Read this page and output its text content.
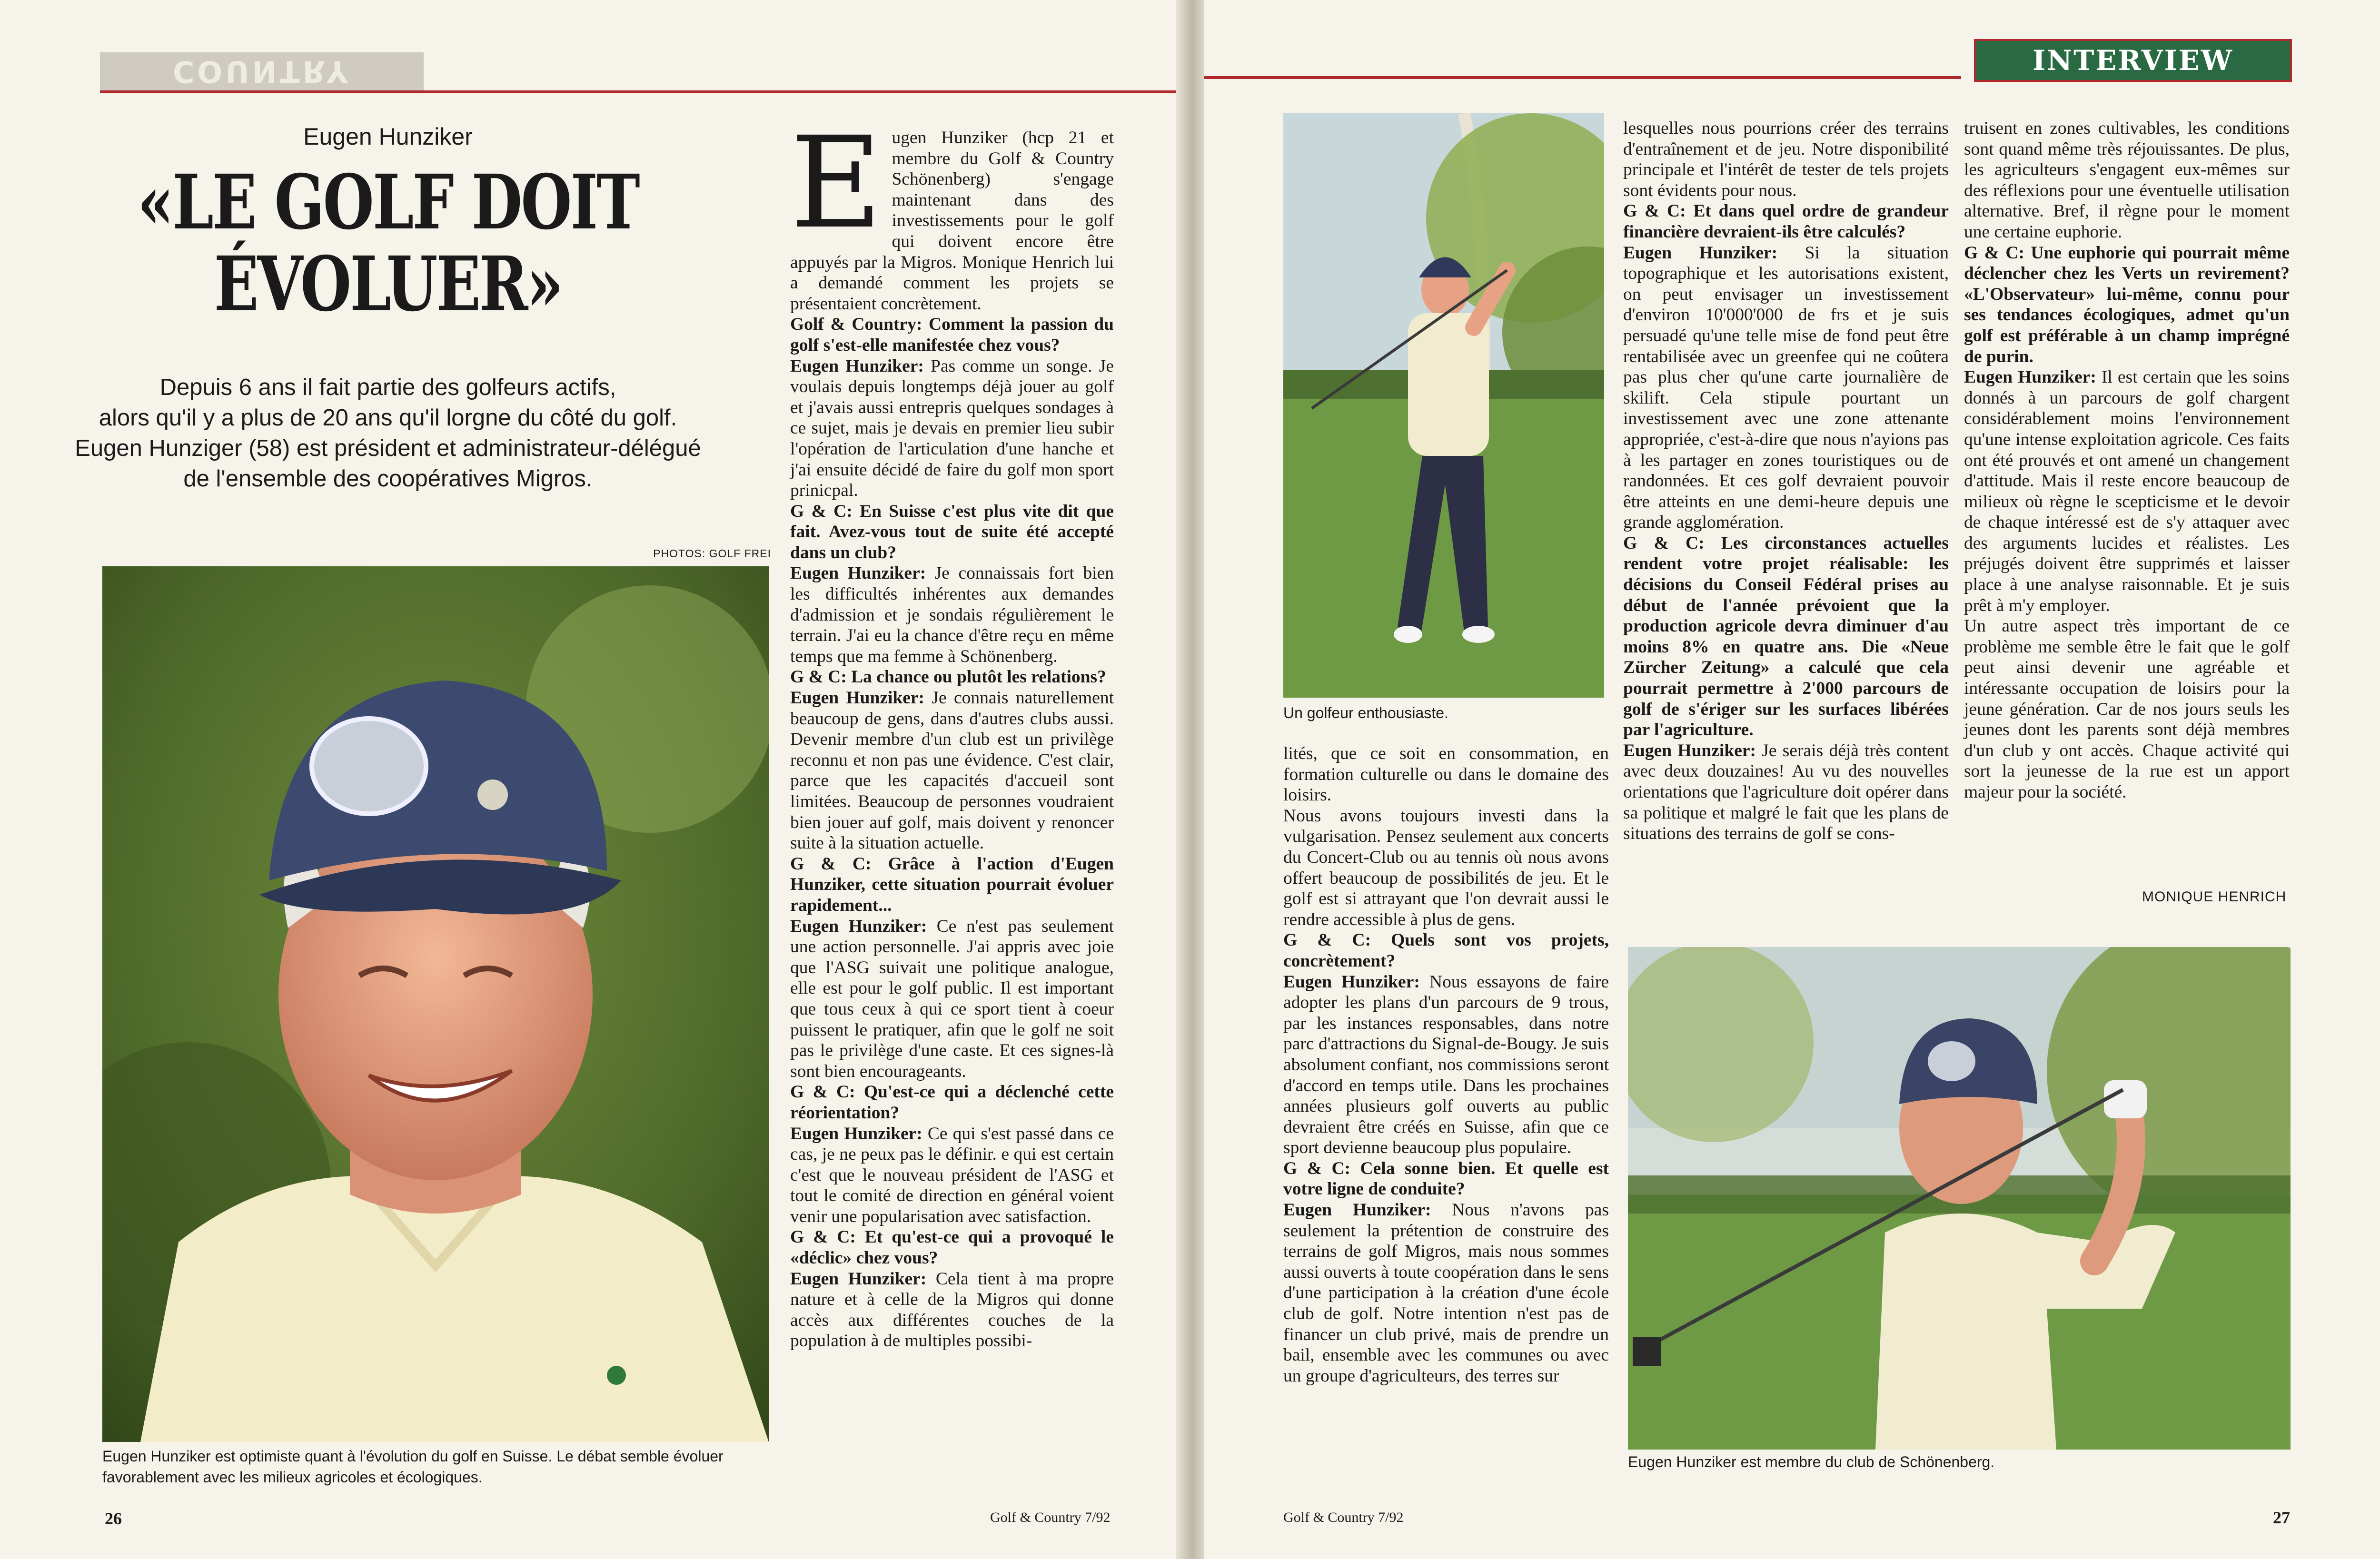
COUNTRY
Eugen Hunziker
«LE GOLF DOIT
ÉVOLUER»
Depuis 6 ans il fait partie des golfeurs actifs,
alors qu'il y a plus de 20 ans qu'il lorgne du côté du golf.
Eugen Hunziger (58) est président et administrateur-délégué
de l'ensemble des coopératives Migros.
PHOTOS: GOLF FREI
Eugen Hunziker est optimiste quant à l'évolution du golf en Suisse. Le débat semble évoluer favorablement avec les milieux agricoles et écologiques.
E ugen Hunziker (hcp 21 et membre du Golf & Country Schönenberg) s'engage maintenant dans des investissements pour le golf qui doivent encore être appuyés par la Migros. Monique Henrich lui a demandé comment les projets se présentaient concrètement.

Golf & Country: Comment la passion du golf s'est-elle manifestée chez vous?

Eugen Hunziker: Pas comme un songe. Je voulais depuis longtemps déjà jouer au golf et j'avais aussi entrepris quelques sondages à ce sujet, mais je devais en premier lieu subir l'opération de l'articulation d'une hanche et j'ai ensuite décidé de faire du golf mon sport prinicpal.

G & C: En Suisse c'est plus vite dit que fait. Avez-vous tout de suite été accepté dans un club?

Eugen Hunziker: Je connaissais fort bien les difficultés inhérentes aux demandes d'admission et je sondais régulièrement le terrain. J'ai eu la chance d'être reçu en même temps que ma femme à Schönenberg.

G & C: La chance ou plutôt les relations?

Eugen Hunziker: Je connais naturellement beaucoup de gens, dans d'autres clubs aussi. Devenir membre d'un club est un privilège reconnu et non pas une évidence. C'est clair, parce que les capacités d'accueil sont limitées. Beaucoup de personnes voudraient bien jouer auf golf, mais doivent y renoncer suite à la situation actuelle.

G & C: Grâce à l'action d'Eugen Hunziker, cette situation pourrait évoluer rapidement...

Eugen Hunziker: Ce n'est pas seulement une action personnelle. J'ai appris avec joie que l'ASG suivait une politique analogue, elle est pour le golf public. Il est important que tous ceux à qui ce sport tient à coeur puissent le pratiquer, afin que le golf ne soit pas le privilège d'une caste. Et ces signes-là sont bien encourageants.

G & C: Qu'est-ce qui a déclenché cette réorientation?

Eugen Hunziker: Ce qui s'est passé dans ce cas, je ne peux pas le définir. e qui est certain c'est que le nouveau président de l'ASG et tout le comité de direction en général voient venir une popularisation avec satisfaction.

G & C: Et qu'est-ce qui a provoqué le «déclic» chez vous?

Eugen Hunziker: Cela tient à ma propre nature et à celle de la Migros qui donne accès aux différentes couches de la population à de multiples possibi-

26	Golf & Country 7/92
INTERVIEW
Un golfeur enthousiaste.

lités, que ce soit en consommation, en formation culturelle ou dans le domaine des loisirs.

Nous avons toujours investi dans la vulgarisation. Pensez seulement aux concerts du Concert-Club ou au tennis où nous avons offert beaucoup de possibilités de jeu. Et le golf est si attrayant que l'on devrait aussi le rendre accessible à plus de gens.

G & C: Quels sont vos projets, concrètement?

Eugen Hunziker: Nous essayons de faire adopter les plans d'un parcours de 9 trous, par les instances responsables, dans notre parc d'attractions du Signal-de-Bougy. Je suis absolument confiant, nos commissions seront d'accord en temps utile. Dans les prochaines années plusieurs golf ouverts au public devraient être créés en Suisse, afin que ce sport devienne beaucoup plus populaire.

G & C: Cela sonne bien. Et quelle est votre ligne de conduite?

Eugen Hunziker: Nous n'avons pas seulement la prétention de construire des terrains de golf Migros, mais nous sommes aussi ouverts à toute coopération dans le sens d'une participation à la création d'une école club de golf. Notre intention n'est pas de financer un club privé, mais de prendre un bail, ensemble avec les communes ou avec un groupe d'agriculteurs, des terres sur

lesquelles nous pourrions créer des terrains d'entraînement et de jeu. Notre disponibilité principale et l'intérêt de tester de tels projets sont évidents pour nous.

G & C: Et dans quel ordre de grandeur financière devraient-ils être calculés?

Eugen Hunziker: Si la situation topographique et les autorisations existent, on peut envisager un investissement d'environ 10'000'000 de frs et je suis persuadé qu'une telle mise de fond peut être rentabilisée avec un greenfee qui ne coûtera pas plus cher qu'une carte journalière de skilift. Cela stipule pourtant un investissement avec une zone attenante appropriée, c'est-à-dire que nous n'ayions pas à les partager en zones touristiques ou de randonnées. Et ces golf devraient pouvoir être atteints en une demi-heure depuis une grande agglomération.

G & C: Les circonstances actuelles rendent votre projet réalisable: les décisions du Conseil Fédéral prises au début de l'année prévoient que la production agricole devra diminuer d'au moins 8% en quatre ans. Die «Neue Zürcher Zeitung» a calculé que cela pourrait permettre à 2'000 parcours de golf de s'ériger sur les surfaces libérées par l'agriculture.

Eugen Hunziker: Je serais déjà très content avec deux douzaines! Au vu des nouvelles orientations que l'agriculture doit opérer dans sa politique et malgré le fait que les plans de situations des terrains de golf se cons-

truisent en zones cultivables, les conditions sont quand même très réjouissantes. De plus, les agriculteurs s'engagent eux-mêmes sur des réflexions pour une éventuelle utilisation alternative. Bref, il règne pour le moment une certaine euphorie.

G & C: Une euphorie qui pourrait même déclencher chez les Verts un revirement? «L'Observateur» lui-même, connu pour ses tendances écologiques, admet qu'un golf est préférable à un champ imprégné de purin.

Eugen Hunziker: Il est certain que les soins donnés à un parcours de golf chargent considérablement moins l'environnement qu'une intense exploitation agricole. Ces faits ont été prouvés et ont amené un changement d'attitude. Mais il reste encore beaucoup de milieux où règne le scepticisme et le devoir de chaque intéressé est de s'y attaquer avec des arguments lucides et réalistes. Les préjugés doivent être supprimés et laisser place à une analyse raisonnable. Et je suis prêt à m'y employer.

Un autre aspect très important de ce problème me semble être le fait que le golf peut ainsi devenir une agréable et intéressante occupation de loisirs pour la jeune génération. Car de nos jours seuls les jeunes dont les parents sont déjà membres d'un club y ont accès. Chaque activité qui sort la jeunesse de la rue est un apport majeur pour la société.

MONIQUE HENRICH
Eugen Hunziker est membre du club de Schönenberg.
Golf & Country 7/92	27
